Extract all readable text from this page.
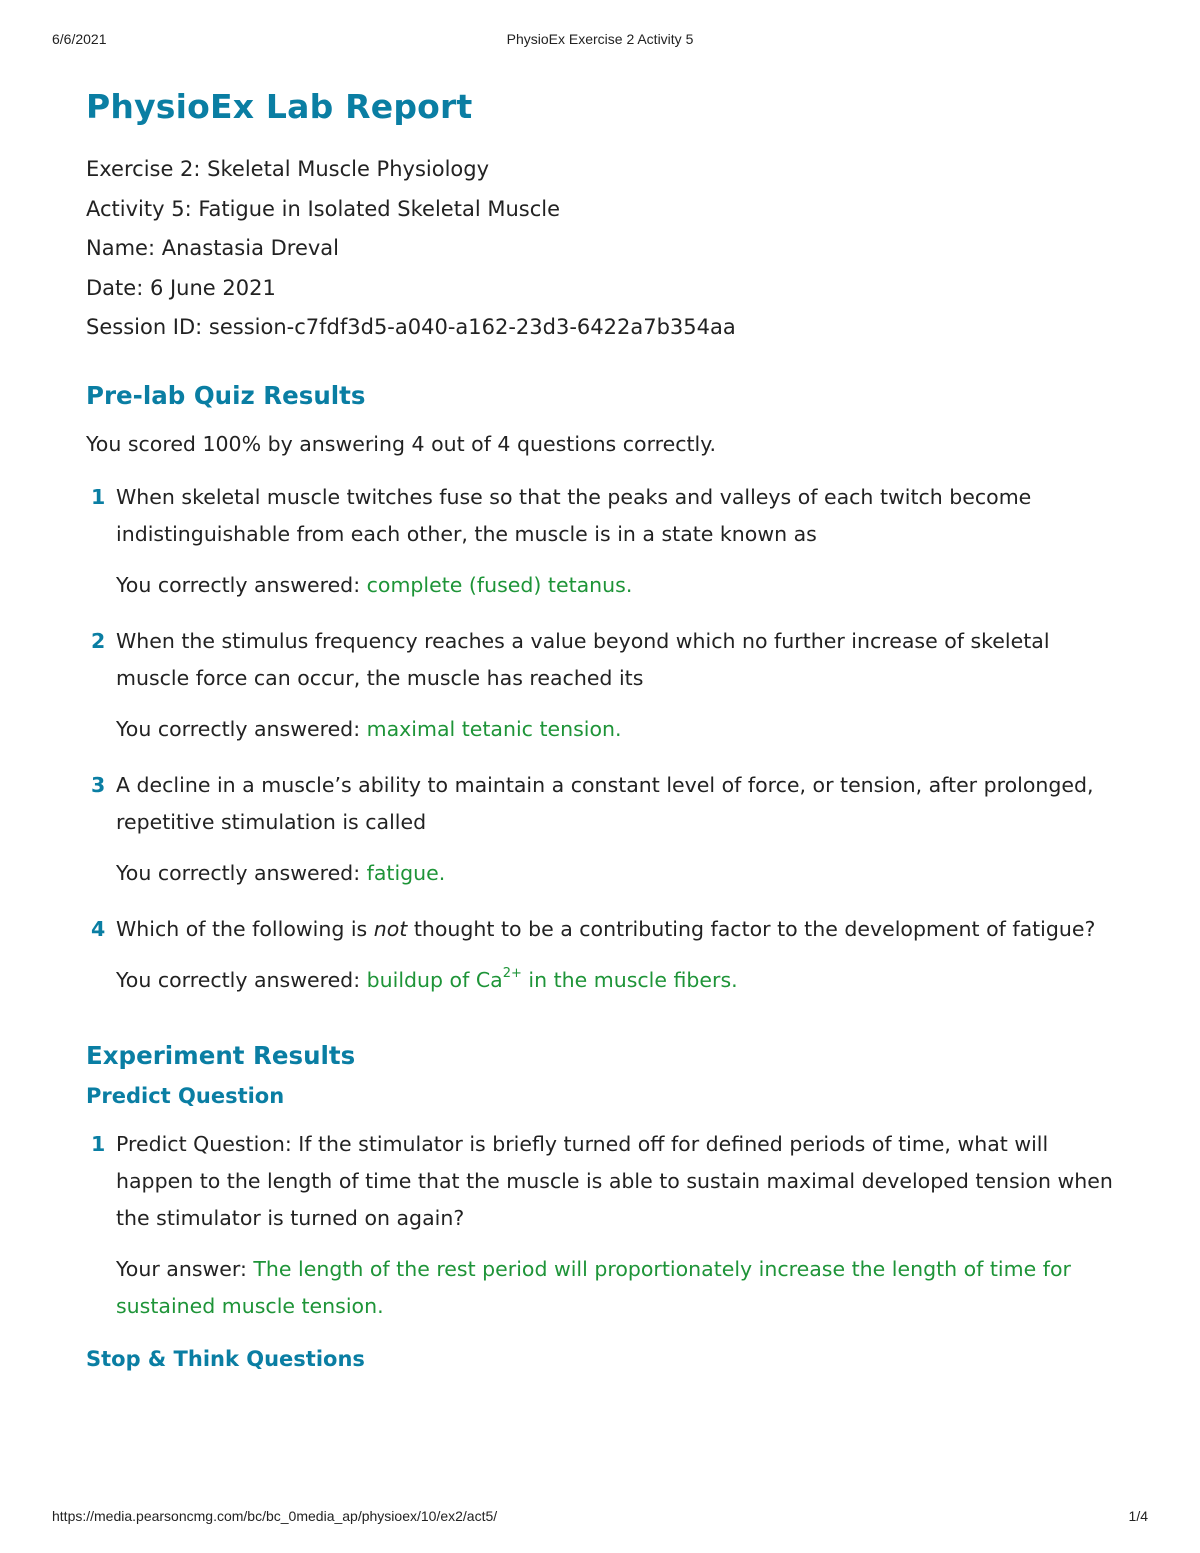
6/6/2021	PhysioEx Exercise 2 Activity 5
PhysioEx Lab Report
Exercise 2: Skeletal Muscle Physiology
Activity 5: Fatigue in Isolated Skeletal Muscle
Name: Anastasia Dreval
Date: 6 June 2021
Session ID: session-c7fdf3d5-a040-a162-23d3-6422a7b354aa
Pre-lab Quiz Results
You scored 100% by answering 4 out of 4 questions correctly.
1 When skeletal muscle twitches fuse so that the peaks and valleys of each twitch become indistinguishable from each other, the muscle is in a state known as
You correctly answered: complete (fused) tetanus.
2 When the stimulus frequency reaches a value beyond which no further increase of skeletal muscle force can occur, the muscle has reached its
You correctly answered: maximal tetanic tension.
3 A decline in a muscle’s ability to maintain a constant level of force, or tension, after prolonged, repetitive stimulation is called
You correctly answered: fatigue.
4 Which of the following is not thought to be a contributing factor to the development of fatigue?
You correctly answered: buildup of $Ca^{2+}$ in the muscle fibers.
Experiment Results
Predict Question
1 Predict Question: If the stimulator is briefly turned off for defined periods of time, what will happen to the length of time that the muscle is able to sustain maximal developed tension when the stimulator is turned on again?
Your answer: The length of the rest period will proportionately increase the length of time for sustained muscle tension.
Stop & Think Questions
https://media.pearsoncmg.com/bc/bc_0media_ap/physioex/10/ex2/act5/	1/4
